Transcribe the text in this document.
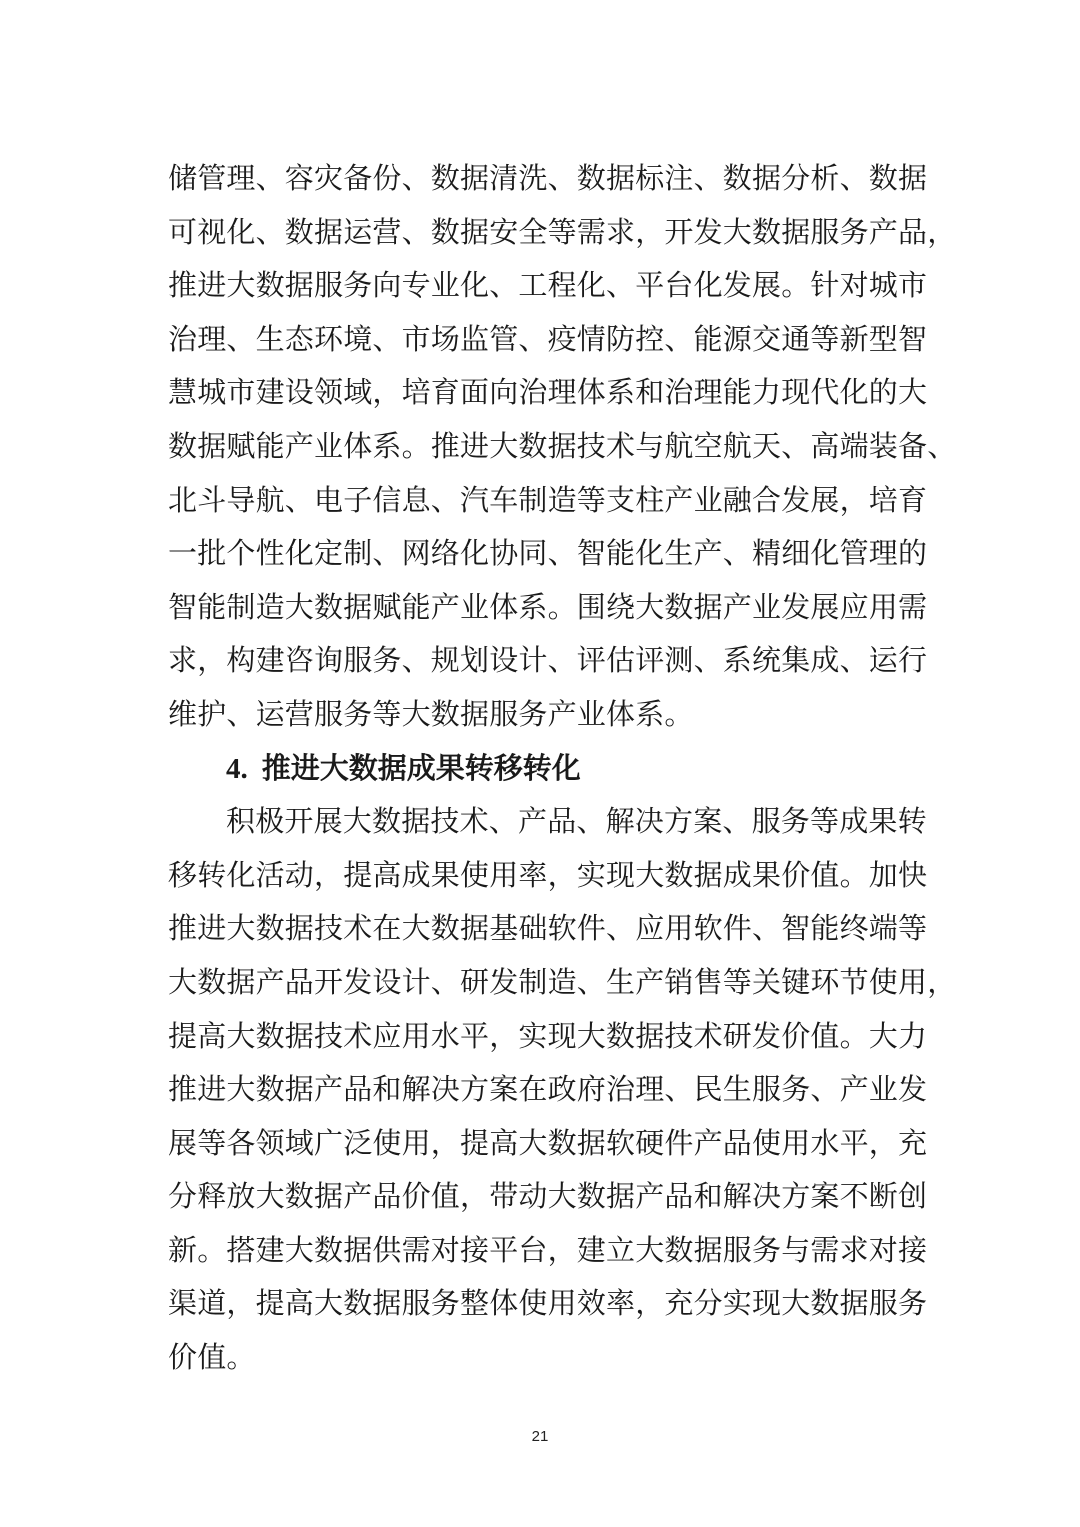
储管理、容灾备份、数据清洗、数据标注、数据分析、数据

可视化、数据运营、数据安全等需求，开发大数据服务产品，

推进大数据服务向专业化、工程化、平台化发展。针对城市

治理、生态环境、市场监管、疫情防控、能源交通等新型智

慧城市建设领域，培育面向治理体系和治理能力现代化的大

数据赋能产业体系。推进大数据技术与航空航天、高端装备、

北斗导航、电子信息、汽车制造等支柱产业融合发展，培育

一批个性化定制、网络化协同、智能化生产、精细化管理的

智能制造大数据赋能产业体系。围绕大数据产业发展应用需

求，构建咨询服务、规划设计、评估评测、系统集成、运行

维护、运营服务等大数据服务产业体系。

4. 推进大数据成果转移转化

积极开展大数据技术、产品、解决方案、服务等成果转

移转化活动，提高成果使用率，实现大数据成果价值。加快

推进大数据技术在大数据基础软件、应用软件、智能终端等

大数据产品开发设计、研发制造、生产销售等关键环节使用，

提高大数据技术应用水平，实现大数据技术研发价值。大力

推进大数据产品和解决方案在政府治理、民生服务、产业发

展等各领域广泛使用，提高大数据软硬件产品使用水平，充

分释放大数据产品价值，带动大数据产品和解决方案不断创

新。搭建大数据供需对接平台，建立大数据服务与需求对接

渠道，提高大数据服务整体使用效率，充分实现大数据服务

价值。

21
